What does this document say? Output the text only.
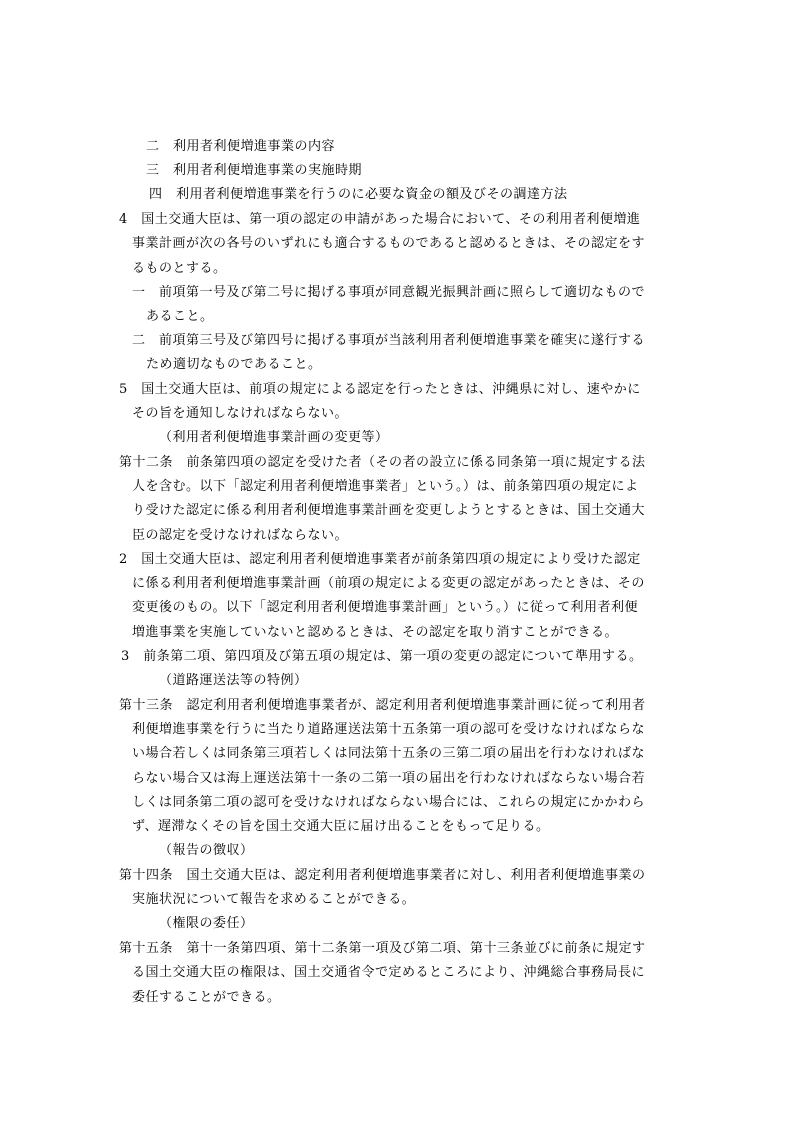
二　利用者利便増進事業の内容
三　利用者利便増進事業の実施時期
四　利用者利便増進事業を行うのに必要な資金の額及びその調達方法
4　国土交通大臣は、第一項の認定の申請があった場合において、その利用者利便増進
事業計画が次の各号のいずれにも適合するものであると認めるときは、その認定をす
るものとする。
一　前項第一号及び第二号に掲げる事項が同意観光振興計画に照らして適切なもので
あること。
二　前項第三号及び第四号に掲げる事項が当該利用者利便増進事業を確実に遂行する
ため適切なものであること。
5　国土交通大臣は、前項の規定による認定を行ったときは、沖縄県に対し、速やかに
その旨を通知しなければならない。
（利用者利便増進事業計画の変更等）
第十二条　前条第四項の認定を受けた者（その者の設立に係る同条第一項に規定する法
人を含む。以下「認定利用者利便増進事業者」という。）は、前条第四項の規定によ
り受けた認定に係る利用者利便増進事業計画を変更しようとするときは、国土交通大
臣の認定を受けなければならない。
2　国土交通大臣は、認定利用者利便増進事業者が前条第四項の規定により受けた認定
に係る利用者利便増進事業計画（前項の規定による変更の認定があったときは、その
変更後のもの。以下「認定利用者利便増進事業計画」という。）に従って利用者利便
増進事業を実施していないと認めるときは、その認定を取り消すことができる。
3　前条第二項、第四項及び第五項の規定は、第一項の変更の認定について準用する。
（道路運送法等の特例）
第十三条　認定利用者利便増進事業者が、認定利用者利便増進事業計画に従って利用者
利便増進事業を行うに当たり道路運送法第十五条第一項の認可を受けなければならな
い場合若しくは同条第三項若しくは同法第十五条の三第二項の届出を行わなければな
らない場合又は海上運送法第十一条の二第一項の届出を行わなければならない場合若
しくは同条第二項の認可を受けなければならない場合には、これらの規定にかかわら
ず、遅滞なくその旨を国土交通大臣に届け出ることをもって足りる。
（報告の徴収）
第十四条　国土交通大臣は、認定利用者利便増進事業者に対し、利用者利便増進事業の
実施状況について報告を求めることができる。
（権限の委任）
第十五条　第十一条第四項、第十二条第一項及び第二項、第十三条並びに前条に規定す
る国土交通大臣の権限は、国土交通省令で定めるところにより、沖縄総合事務局長に
委任することができる。
